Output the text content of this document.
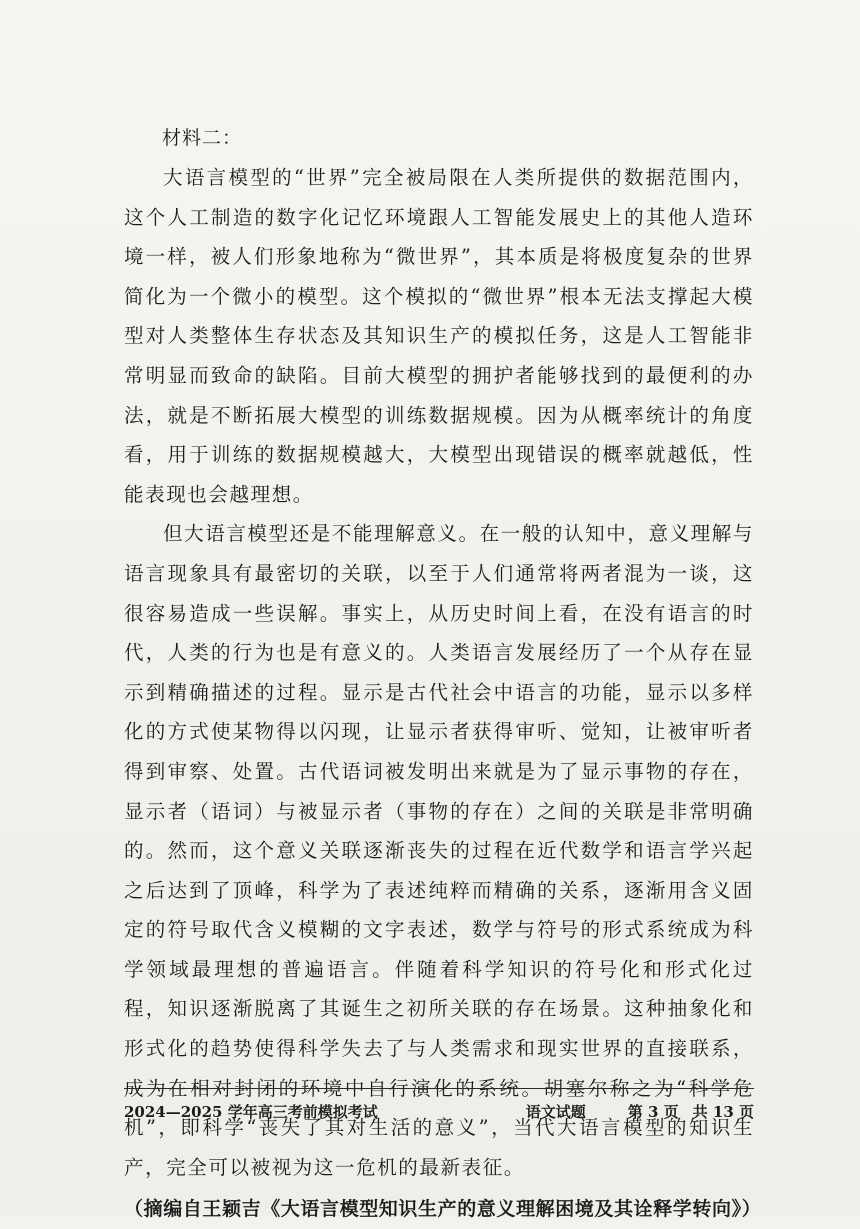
材料二：

大语言模型的“世界”完全被局限在人类所提供的数据范围内，这个人工制造的数字化记忆环境跟人工智能发展史上的其他人造环境一样，被人们形象地称为“微世界”，其本质是将极度复杂的世界简化为一个微小的模型。这个模拟的“微世界”根本无法支撑起大模型对人类整体生存状态及其知识生产的模拟任务，这是人工智能非常明显而致命的缺陷。目前大模型的拥护者能够找到的最便利的办法，就是不断拓展大模型的训练数据规模。因为从概率统计的角度看，用于训练的数据规模越大，大模型出现错误的概率就越低，性能表现也会越理想。

但大语言模型还是不能理解意义。在一般的认知中，意义理解与语言现象具有最密切的关联，以至于人们通常将两者混为一谈，这很容易造成一些误解。事实上，从历史时间上看，在没有语言的时代，人类的行为也是有意义的。人类语言发展经历了一个从存在显示到精确描述的过程。显示是古代社会中语言的功能，显示以多样化的方式使某物得以闪现，让显示者获得审听、觉知，让被审听者得到审察、处置。古代语词被发明出来就是为了显示事物的存在，显示者（语词）与被显示者（事物的存在）之间的关联是非常明确的。然而，这个意义关联逐渐丧失的过程在近代数学和语言学兴起之后达到了顶峰，科学为了表述纯粹而精确的关系，逐渐用含义固定的符号取代含义模糊的文字表述，数学与符号的形式系统成为科学领域最理想的普遍语言。伴随着科学知识的符号化和形式化过程，知识逐渐脱离了其诞生之初所关联的存在场景。这种抽象化和形式化的趋势使得科学失去了与人类需求和现实世界的直接联系，成为在相对封闭的环境中自行演化的系统。胡塞尔称之为“科学危机”，即科学“丧失了其对生活的意义”，当代大语言模型的知识生产，完全可以被视为这一危机的最新表征。

（摘编自王颖吉《大语言模型知识生产的意义理解困境及其诠释学转向》）

2024—2025 学年高三考前模拟考试	语文试题	第 3 页 共 13 页
